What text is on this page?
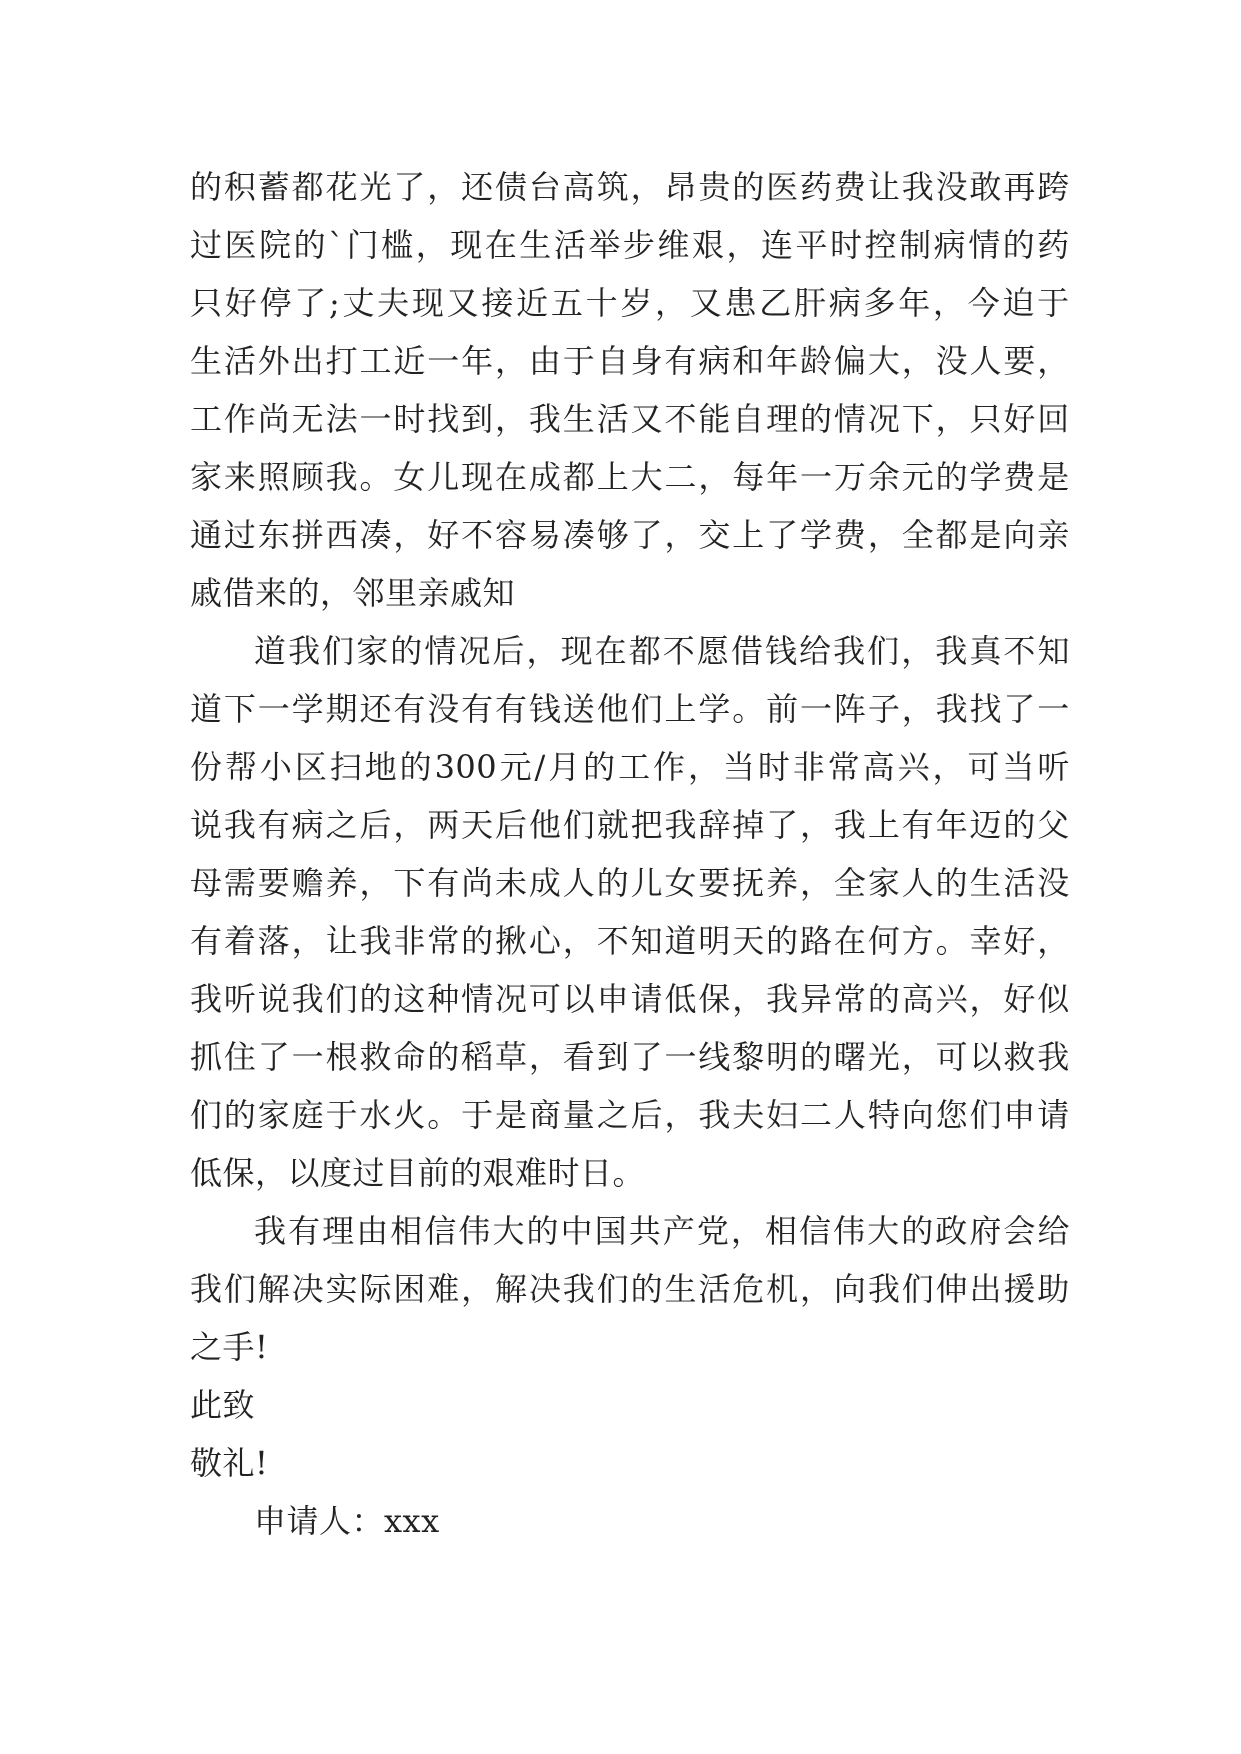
的 积 蓄 都 花 光 了 ， 还 债 台 高 筑 ， 昂 贵 的 医 药 费 让 我 没 敢 再 跨
过 医 院 的 ` 门 槛 ， 现 在 生 活 举 步 维 艰 ， 连 平 时 控 制 病 情 的 药
只 好 停 了 ; 丈 夫 现 又 接 近 五 十 岁 ， 又 患 乙 肝 病 多 年 ， 今 迫 于
生 活 外 出 打 工 近 一 年 ， 由 于 自 身 有 病 和 年 龄 偏 大 ， 没 人 要 ，
工 作 尚 无 法 一 时 找 到 ， 我 生 活 又 不 能 自 理 的 情 况 下 ， 只 好 回
家 来 照 顾 我 。 女 儿 现 在 成 都 上 大 二 ， 每 年 一 万 余 元 的 学 费 是
通 过 东 拼 西 凑 ， 好 不 容 易 凑 够 了 ， 交 上 了 学 费 ， 全 都 是 向 亲
戚借来的，邻里亲戚知
道 我 们 家 的 情 况 后 ， 现 在 都 不 愿 借 钱 给 我 们 ， 我 真 不 知
道 下 一 学 期 还 有 没 有 有 钱 送 他 们 上 学 。 前 一 阵 子 ， 我 找 了 一
份 帮 小 区 扫 地 的 300 元 / 月 的 工 作 ， 当 时 非 常 高 兴 ， 可 当 听
说 我 有 病 之 后 ， 两 天 后 他 们 就 把 我 辞 掉 了 ， 我 上 有 年 迈 的 父
母 需 要 赡 养 ， 下 有 尚 未 成 人 的 儿 女 要 抚 养 ， 全 家 人 的 生 活 没
有 着 落 ， 让 我 非 常 的 揪 心 ， 不 知 道 明 天 的 路 在 何 方 。 幸 好 ，
我 听 说 我 们 的 这 种 情 况 可 以 申 请 低 保 ， 我 异 常 的 高 兴 ， 好 似
抓 住 了 一 根 救 命 的 稻 草 ， 看 到 了 一 线 黎 明 的 曙 光 ， 可 以 救 我
们 的 家 庭 于 水 火 。 于 是 商 量 之 后 ， 我 夫 妇 二 人 特 向 您 们 申 请
低保，以度过目前的艰难时日。
我 有 理 由 相 信 伟 大 的 中 国 共 产 党 ， 相 信 伟 大 的 政 府 会 给
我 们 解 决 实 际 困 难 ， 解 决 我 们 的 生 活 危 机 ， 向 我 们 伸 出 援 助
之手!
此致
敬礼!
申请人：xxx
